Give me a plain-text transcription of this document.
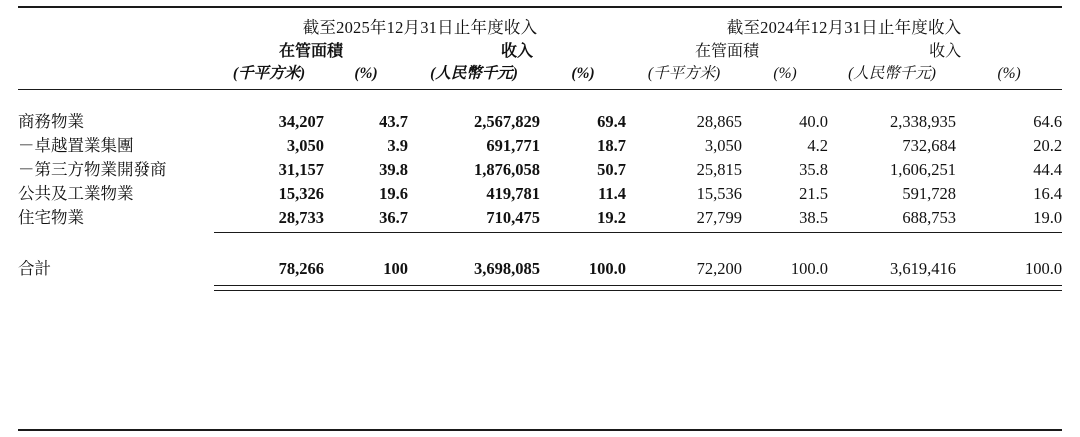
	截至2025年12月31日止年度收入				截至2024年12月31日止年度收入			
	在管面積		收入		在管面積		收入	
	(千平方米)	(%)	(人民幣千元)	(%)	(千平方米)	(%)	(人民幣千元)	(%)

商務物業	34,207	43.7	2,567,829	69.4	28,865	40.0	2,338,935	64.6
－卓越置業集團	3,050	3.9	691,771	18.7	3,050	4.2	732,684	20.2
－第三方物業開發商	31,157	39.8	1,876,058	50.7	25,815	35.8	1,606,251	44.4
公共及工業物業	15,326	19.6	419,781	11.4	15,536	21.5	591,728	16.4
住宅物業	28,733	36.7	710,475	19.2	27,799	38.5	688,753	19.0

合計	78,266	100	3,698,085	100.0	72,200	100.0	3,619,416	100.0
